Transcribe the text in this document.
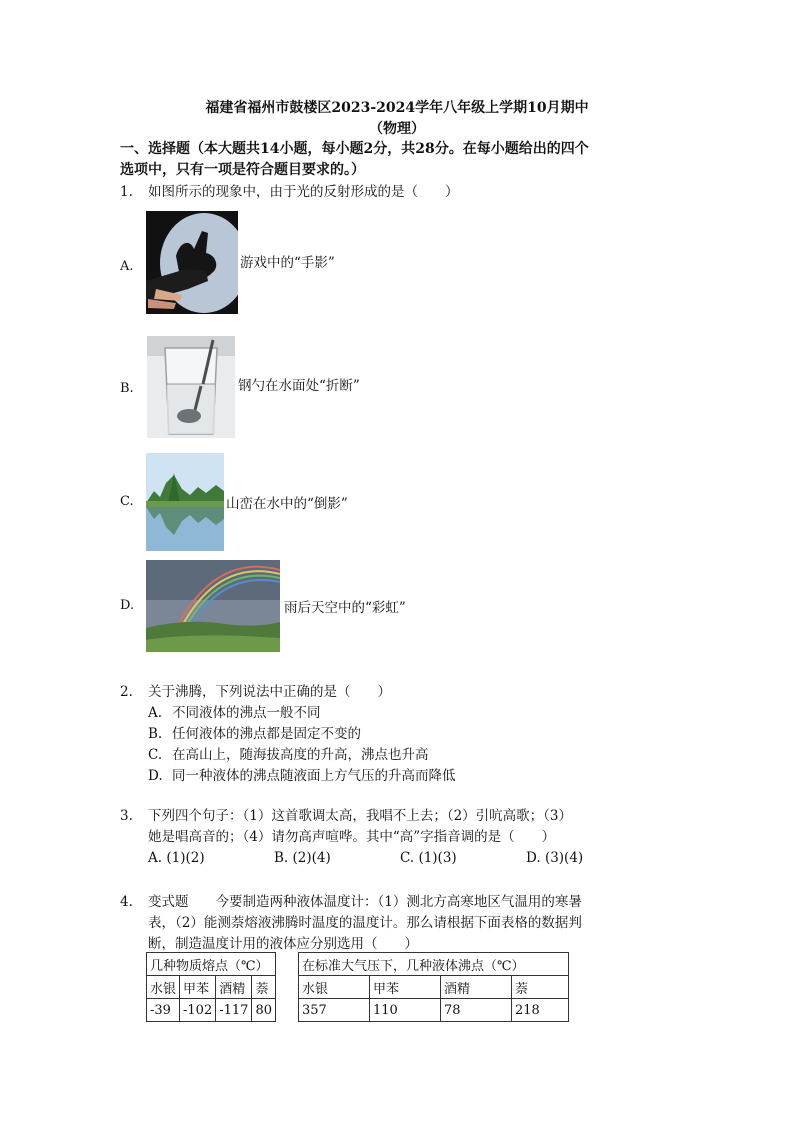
福建省福州市鼓楼区2023-2024学年八年级上学期10月期中
（物理）
一、选择题（本大题共14小题，每小题2分，共28分。在每小题给出的四个
选项中，只有一项是符合题目要求的。）
1. 如图所示的现象中，由于光的反射形成的是（　　）
A.	游戏中的“手影”
B.	钢勺在水面处“折断”
C.	山峦在水中的“倒影”
D.	雨后天空中的“彩虹”
2. 关于沸腾，下列说法中正确的是（　　）
A. 不同液体的沸点一般不同
B. 任何液体的沸点都是固定不变的
C. 在高山上，随海拔高度的升高，沸点也升高
D. 同一种液体的沸点随液面上方气压的升高而降低
3. 下列四个句子：（1）这首歌调太高，我唱不上去；（2）引吭高歌；（3）
她是唱高音的；（4）请勿高声喧哗。其中“高”字指音调的是（　　）
A. (1)(2)	B. (2)(4)	C. (1)(3)	D. (3)(4)
4. 变式题　　今要制造两种液体温度计：（1）测北方高寒地区气温用的寒暑
表，（2）能测萘熔液沸腾时温度的温度计。那么请根据下面表格的数据判
断，制造温度计用的液体应分别选用（　　）
几种物质熔点（℃）			
水银	甲苯	酒精	萘
-39	-102	-117	80
在标准大气压下，几种液体沸点（℃）			
水银	甲苯	酒精	萘
357	110	78	218
